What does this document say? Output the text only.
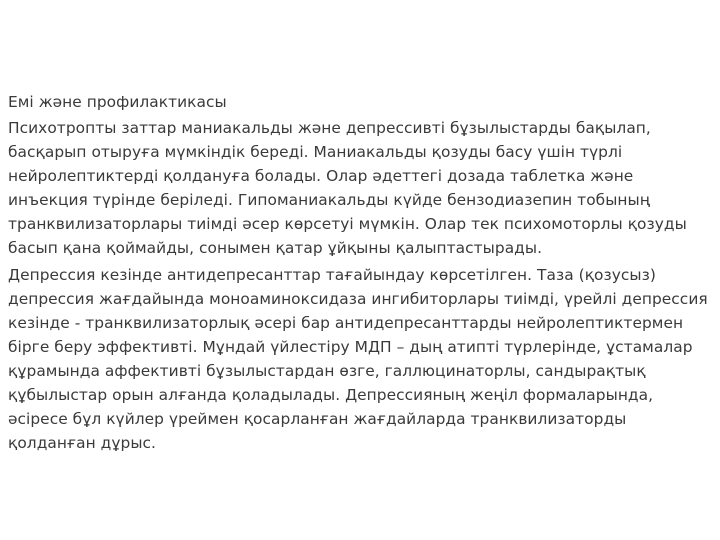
Емі және профилактикасы

Психотропты заттар маниакальды және депрессивті бұзылыстарды бақылап, басқарып отыруға мүмкіндік береді. Маниакальды қозуды басу үшін түрлі нейролептиктерді қолдануға болады. Олар әдеттегі дозада таблетка және инъекция түрінде беріледі. Гипоманиакальды күйде бензодиазепин тобының транквилизаторлары тиімді әсер көрсетуі мүмкін. Олар тек психомоторлы қозуды басып қана қоймайды, сонымен қатар ұйқыны қалыптастырады.

Депрессия кезінде антидепресанттар тағайындау көрсетілген. Таза (қозусыз) депрессия жағдайында моноаминоксидаза ингибиторлары тиімді, үрейлі депрессия кезінде - транквилизаторлық әсері бар антидепресанттарды нейролептиктермен бірге беру эффективті. Мұндай үйлестіру МДП – дың атипті түрлерінде, ұстамалар құрамында аффективті бұзылыстардан өзге, галлюцинаторлы, сандырақтық құбылыстар орын алғанда қоладылады. Депрессияның жеңіл формаларында, әсіресе бұл күйлер үреймен қосарланған жағдайларда транквилизаторды қолданған дұрыс.
